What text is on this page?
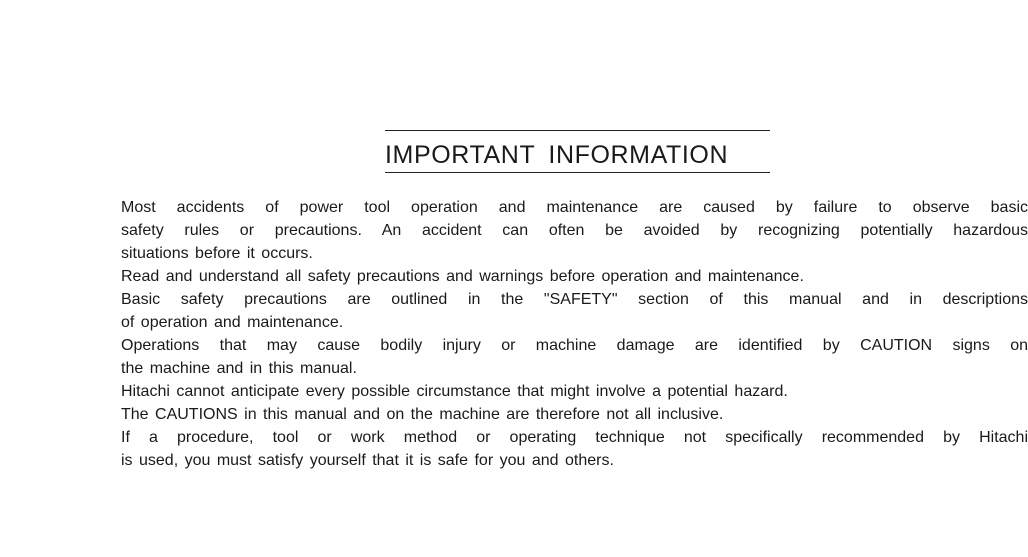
IMPORTANT INFORMATION
Most accidents of power tool operation and maintenance are caused by failure to observe basic
safety rules or precautions. An accident can often be avoided by recognizing potentially hazardous
situations before it occurs.
Read and understand all safety precautions and warnings before operation and maintenance.
Basic safety precautions are outlined in the "SAFETY" section of this manual and in descriptions
of operation and maintenance.
Operations that may cause bodily injury or machine damage are identified by CAUTION signs on
the machine and in this manual.
Hitachi cannot anticipate every possible circumstance that might involve a potential hazard.
The CAUTIONS in this manual and on the machine are therefore not all inclusive.
If a procedure, tool or work method or operating technique not specifically recommended by Hitachi
is used, you must satisfy yourself that it is safe for you and others.
